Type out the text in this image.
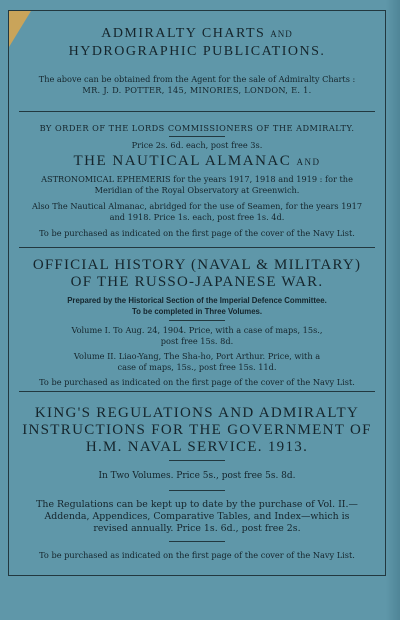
ADMIRALTY CHARTS AND
HYDROGRAPHIC PUBLICATIONS.
The above can be obtained from the Agent for the sale of Admiralty Charts :
MR. J. D. POTTER, 145, MINORIES, LONDON, E. 1.
BY ORDER OF THE LORDS COMMISSIONERS OF THE ADMIRALTY.
Price 2s. 6d. each, post free 3s.
THE NAUTICAL ALMANAC AND
ASTRONOMICAL EPHEMERIS for the years 1917, 1918 and 1919 : for the
Meridian of the Royal Observatory at Greenwich.
Also The Nautical Almanac, abridged for the use of Seamen, for the years 1917
and 1918. Price 1s. each, post free 1s. 4d.
To be purchased as indicated on the first page of the cover of the Navy List.
OFFICIAL HISTORY (NAVAL & MILITARY)
OF THE RUSSO-JAPANESE WAR.
Prepared by the Historical Section of the Imperial Defence Committee.
To be completed in Three Volumes.
Volume I. To Aug. 24, 1904. Price, with a case of maps, 15s.,
post free 15s. 8d.
Volume II. Liao-Yang, The Sha-ho, Port Arthur. Price, with a
case of maps, 15s., post free 15s. 11d.
To be purchased as indicated on the first page of the cover of the Navy List.
KING'S REGULATIONS AND ADMIRALTY
INSTRUCTIONS FOR THE GOVERNMENT OF
H.M. NAVAL SERVICE. 1913.
In Two Volumes. Price 5s., post free 5s. 8d.
The Regulations can be kept up to date by the purchase of Vol. II.—
Addenda, Appendices, Comparative Tables, and Index—which is
revised annually. Price 1s. 6d., post free 2s.
To be purchased as indicated on the first page of the cover of the Navy List.
